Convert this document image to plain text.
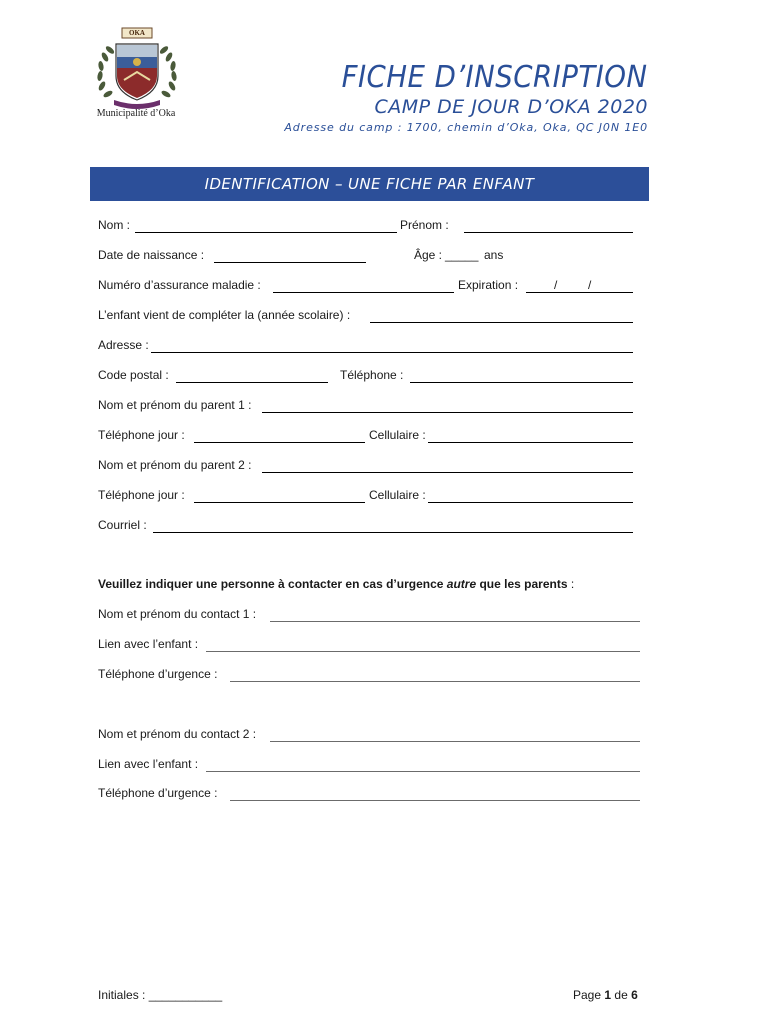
OKA
Municipalité d’Oka
FICHE D’INSCRIPTION
CAMP DE JOUR D’OKA 2020
Adresse du camp : 1700, chemin d’Oka, Oka, QC J0N 1E0
IDENTIFICATION – UNE FICHE PAR ENFANT
Nom :	Prénom :
Date de naissance :	Âge : _____ ans
Numéro d’assurance maladie :	Expiration :	/	/
L’enfant vient de compléter la (année scolaire) :
Adresse :
Code postal :	Téléphone :
Nom et prénom du parent 1 :
Téléphone jour :	Cellulaire :
Nom et prénom du parent 2 :
Téléphone jour :	Cellulaire :
Courriel :
Veuillez indiquer une personne à contacter en cas d’urgence autre que les parents :
Nom et prénom du contact 1 :
Lien avec l’enfant :
Téléphone d’urgence :
Nom et prénom du contact 2 :
Lien avec l’enfant :
Téléphone d’urgence :
Initiales : ___________	Page 1 de 6
